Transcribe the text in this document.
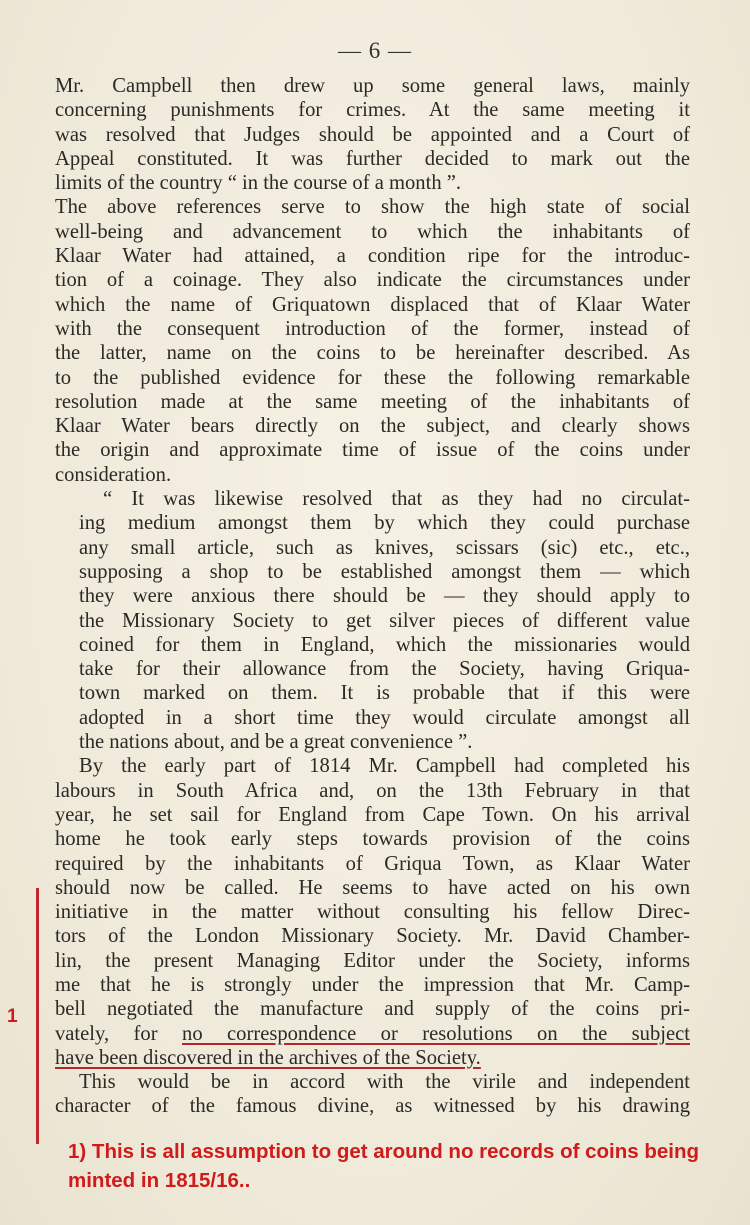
— 6 —
Mr. Campbell then drew up some general laws, mainly
concerning punishments for crimes. At the same meeting it
was resolved that Judges should be appointed and a Court of
Appeal constituted. It was further decided to mark out the
limits of the country “ in the course of a month ”.
The above references serve to show the high state of social
well-being and advancement to which the inhabitants of
Klaar Water had attained, a condition ripe for the introduc-
tion of a coinage. They also indicate the circumstances under
which the name of Griquatown displaced that of Klaar Water
with the consequent introduction of the former, instead of
the latter, name on the coins to be hereinafter described. As
to the published evidence for these the following remarkable
resolution made at the same meeting of the inhabitants of
Klaar Water bears directly on the subject, and clearly shows
the origin and approximate time of issue of the coins under
consideration.
“ It was likewise resolved that as they had no circulat-
ing medium amongst them by which they could purchase
any small article, such as knives, scissars (sic) etc., etc.,
supposing a shop to be established amongst them — which
they were anxious there should be — they should apply to
the Missionary Society to get silver pieces of different value
coined for them in England, which the missionaries would
take for their allowance from the Society, having Griqua-
town marked on them. It is probable that if this were
adopted in a short time they would circulate amongst all
the nations about, and be a great convenience ”.
By the early part of 1814 Mr. Campbell had completed his
labours in South Africa and, on the 13th February in that
year, he set sail for England from Cape Town. On his arrival
home he took early steps towards provision of the coins
required by the inhabitants of Griqua Town, as Klaar Water
should now be called. He seems to have acted on his own
initiative in the matter without consulting his fellow Direc-
tors of the London Missionary Society. Mr. David Chamber-
lin, the present Managing Editor under the Society, informs
me that he is strongly under the impression that Mr. Camp-
bell negotiated the manufacture and supply of the coins pri-
vately, for no correspondence or resolutions on the subject
have been discovered in the archives of the Society.
This would be in accord with the virile and independent
character of the famous divine, as witnessed by his drawing
1
1) This is all assumption to get around no records of coins being minted in 1815/16..
